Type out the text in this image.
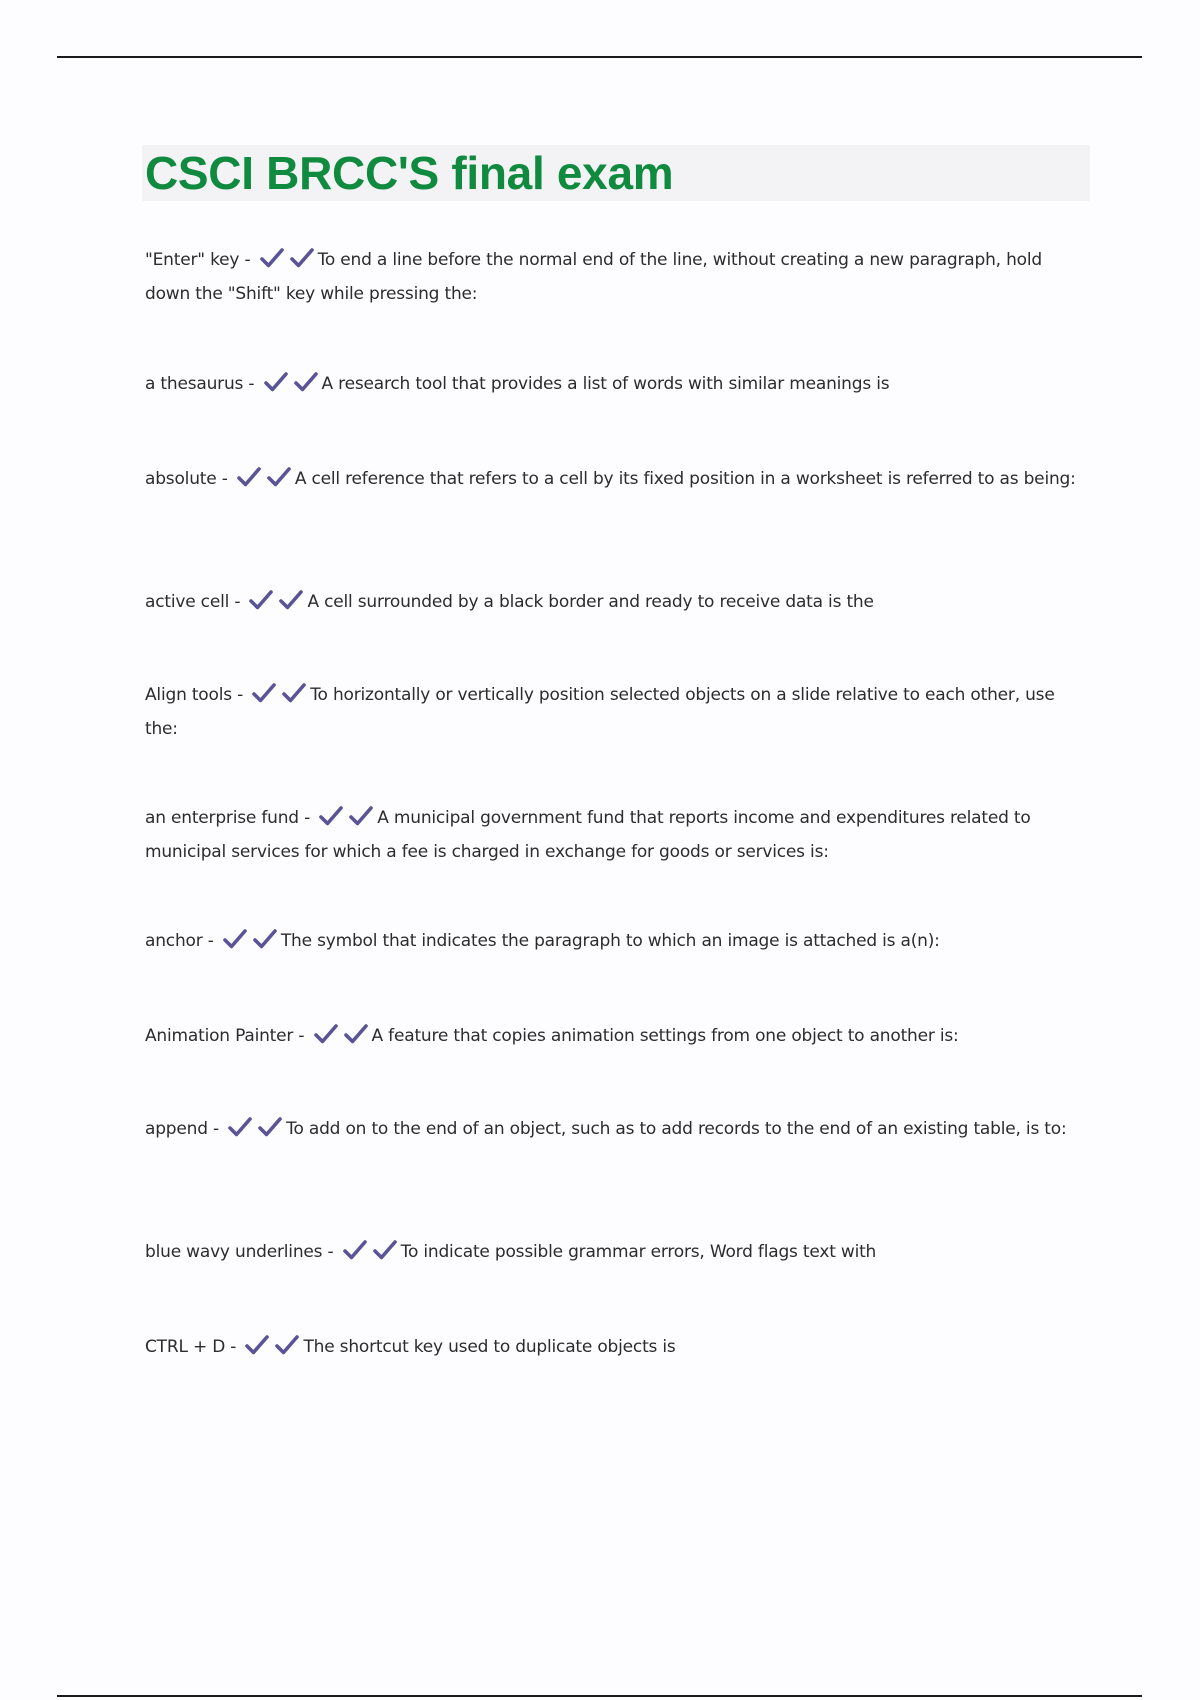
CSCI BRCC'S final exam
"Enter" key -	To end a line before the normal end of the line, without creating a new paragraph, hold down the "Shift" key while pressing the:
a thesaurus -	A research tool that provides a list of words with similar meanings is
absolute -	A cell reference that refers to a cell by its fixed position in a worksheet is referred to as being:
active cell -	A cell surrounded by a black border and ready to receive data is the
Align tools -	To horizontally or vertically position selected objects on a slide relative to each other, use the:
an enterprise fund -	A municipal government fund that reports income and expenditures related to municipal services for which a fee is charged in exchange for goods or services is:
anchor -	The symbol that indicates the paragraph to which an image is attached is a(n):
Animation Painter -	A feature that copies animation settings from one object to another is:
append -	To add on to the end of an object, such as to add records to the end of an existing table, is to:
blue wavy underlines -	To indicate possible grammar errors, Word flags text with
CTRL + D -	The shortcut key used to duplicate objects is
